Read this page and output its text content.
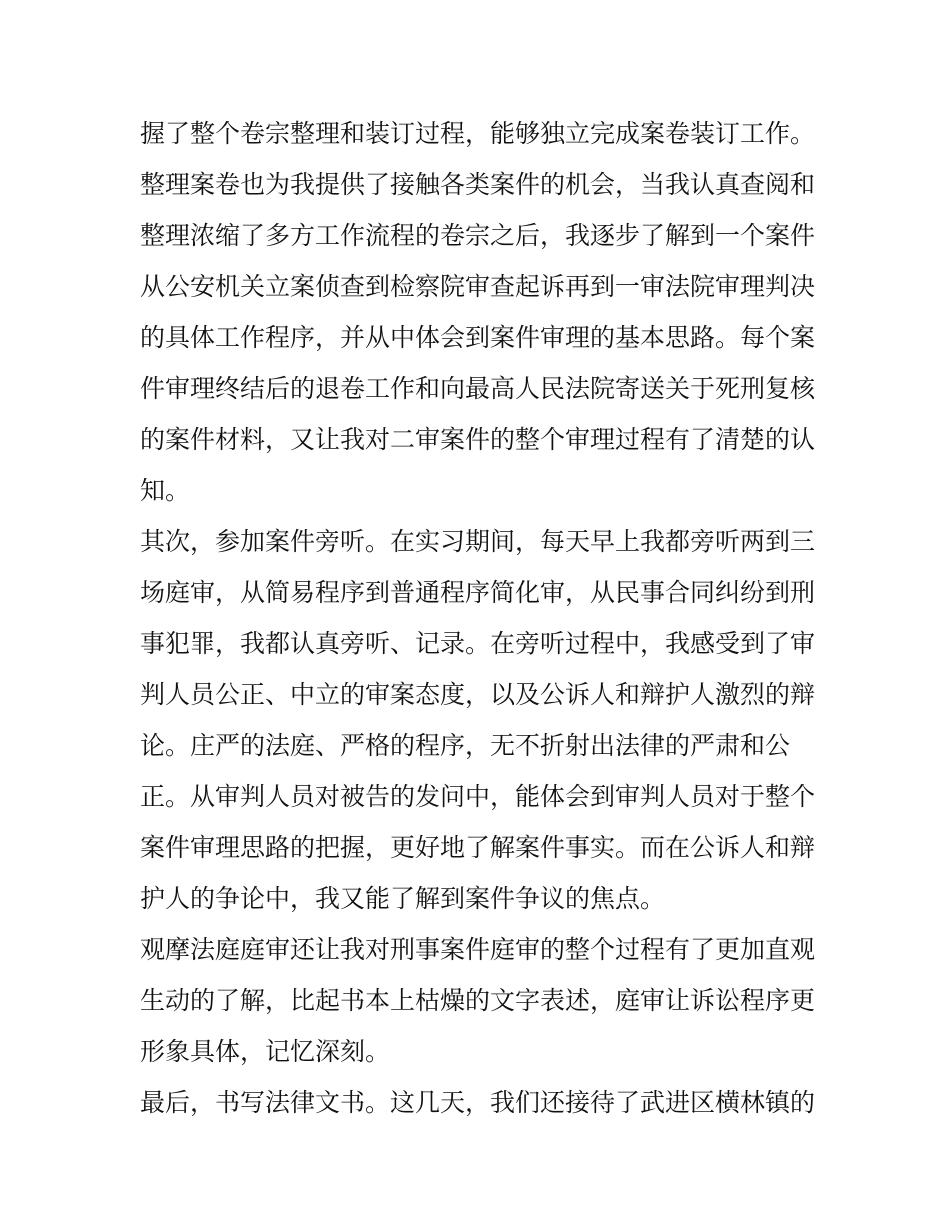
握了整个卷宗整理和装订过程，能够独立完成案卷装订工作。
整理案卷也为我提供了接触各类案件的机会，当我认真查阅和
整理浓缩了多方工作流程的卷宗之后，我逐步了解到一个案件
从公安机关立案侦查到检察院审查起诉再到一审法院审理判决
的具体工作程序，并从中体会到案件审理的基本思路。每个案
件审理终结后的退卷工作和向最高人民法院寄送关于死刑复核
的案件材料，又让我对二审案件的整个审理过程有了清楚的认
知。
其次，参加案件旁听。在实习期间，每天早上我都旁听两到三
场庭审，从简易程序到普通程序简化审，从民事合同纠纷到刑
事犯罪，我都认真旁听、记录。在旁听过程中，我感受到了审
判人员公正、中立的审案态度，以及公诉人和辩护人激烈的辩
论。庄严的法庭、严格的程序，无不折射出法律的严肃和公
正。从审判人员对被告的发问中，能体会到审判人员对于整个
案件审理思路的把握，更好地了解案件事实。而在公诉人和辩
护人的争论中，我又能了解到案件争议的焦点。
观摩法庭庭审还让我对刑事案件庭审的整个过程有了更加直观
生动的了解，比起书本上枯燥的文字表述，庭审让诉讼程序更
形象具体，记忆深刻。
最后，书写法律文书。这几天，我们还接待了武进区横林镇的
